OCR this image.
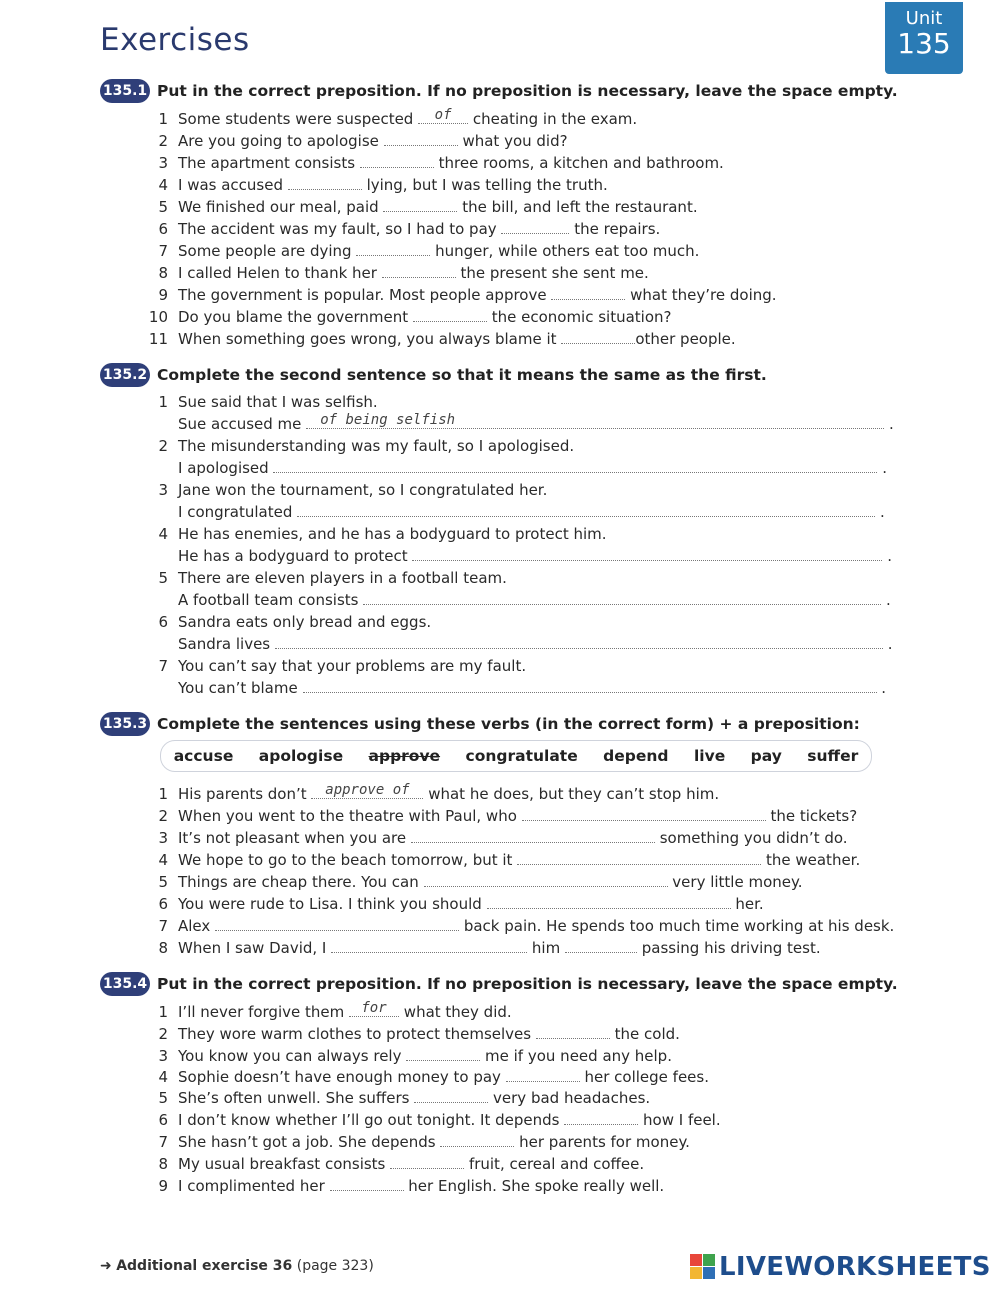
Exercises
Unit
135
135.1 Put in the correct preposition. If no preposition is necessary, leave the space empty.
1 Some students were suspected	of	cheating in the exam.
2 Are you going to apologise	what you did?
3 The apartment consists	three rooms, a kitchen and bathroom.
4 I was accused	lying, but I was telling the truth.
5 We finished our meal, paid	the bill, and left the restaurant.
6 The accident was my fault, so I had to pay	the repairs.
7 Some people are dying	hunger, while others eat too much.
8 I called Helen to thank her	the present she sent me.
9 The government is popular. Most people approve	what they’re doing.
10 Do you blame the government	the economic situation?
11 When something goes wrong, you always blame it	other people.
135.2 Complete the second sentence so that it means the same as the first.
1 Sue said that I was selfish.
Sue accused me	of being selfish	.
2 The misunderstanding was my fault, so I apologised.
I apologised	.
3 Jane won the tournament, so I congratulated her.
I congratulated	.
4 He has enemies, and he has a bodyguard to protect him.
He has a bodyguard to protect	.
5 There are eleven players in a football team.
A football team consists	.
6 Sandra eats only bread and eggs.
Sandra lives	.
7 You can’t say that your problems are my fault.
You can’t blame	.
135.3 Complete the sentences using these verbs (in the correct form) + a preposition:
accuse apologise approve congratulate depend live pay suffer
1 His parents don’t	approve of	what he does, but they can’t stop him.
2 When you went to the theatre with Paul, who	the tickets?
3 It’s not pleasant when you are	something you didn’t do.
4 We hope to go to the beach tomorrow, but it	the weather.
5 Things are cheap there. You can	very little money.
6 You were rude to Lisa. I think you should	her.
7 Alex	back pain. He spends too much time working at his desk.
8 When I saw David, I	him	passing his driving test.
135.4 Put in the correct preposition. If no preposition is necessary, leave the space empty.
1 I’ll never forgive them	for	what they did.
2 They wore warm clothes to protect themselves	the cold.
3 You know you can always rely	me if you need any help.
4 Sophie doesn’t have enough money to pay	her college fees.
5 She’s often unwell. She suffers	very bad headaches.
6 I don’t know whether I’ll go out tonight. It depends	how I feel.
7 She hasn’t got a job. She depends	her parents for money.
8 My usual breakfast consists	fruit, cereal and coffee.
9 I complimented her	her English. She spoke really well.
➜ Additional exercise 36 (page 323)	LIVEWORKSHEETS
